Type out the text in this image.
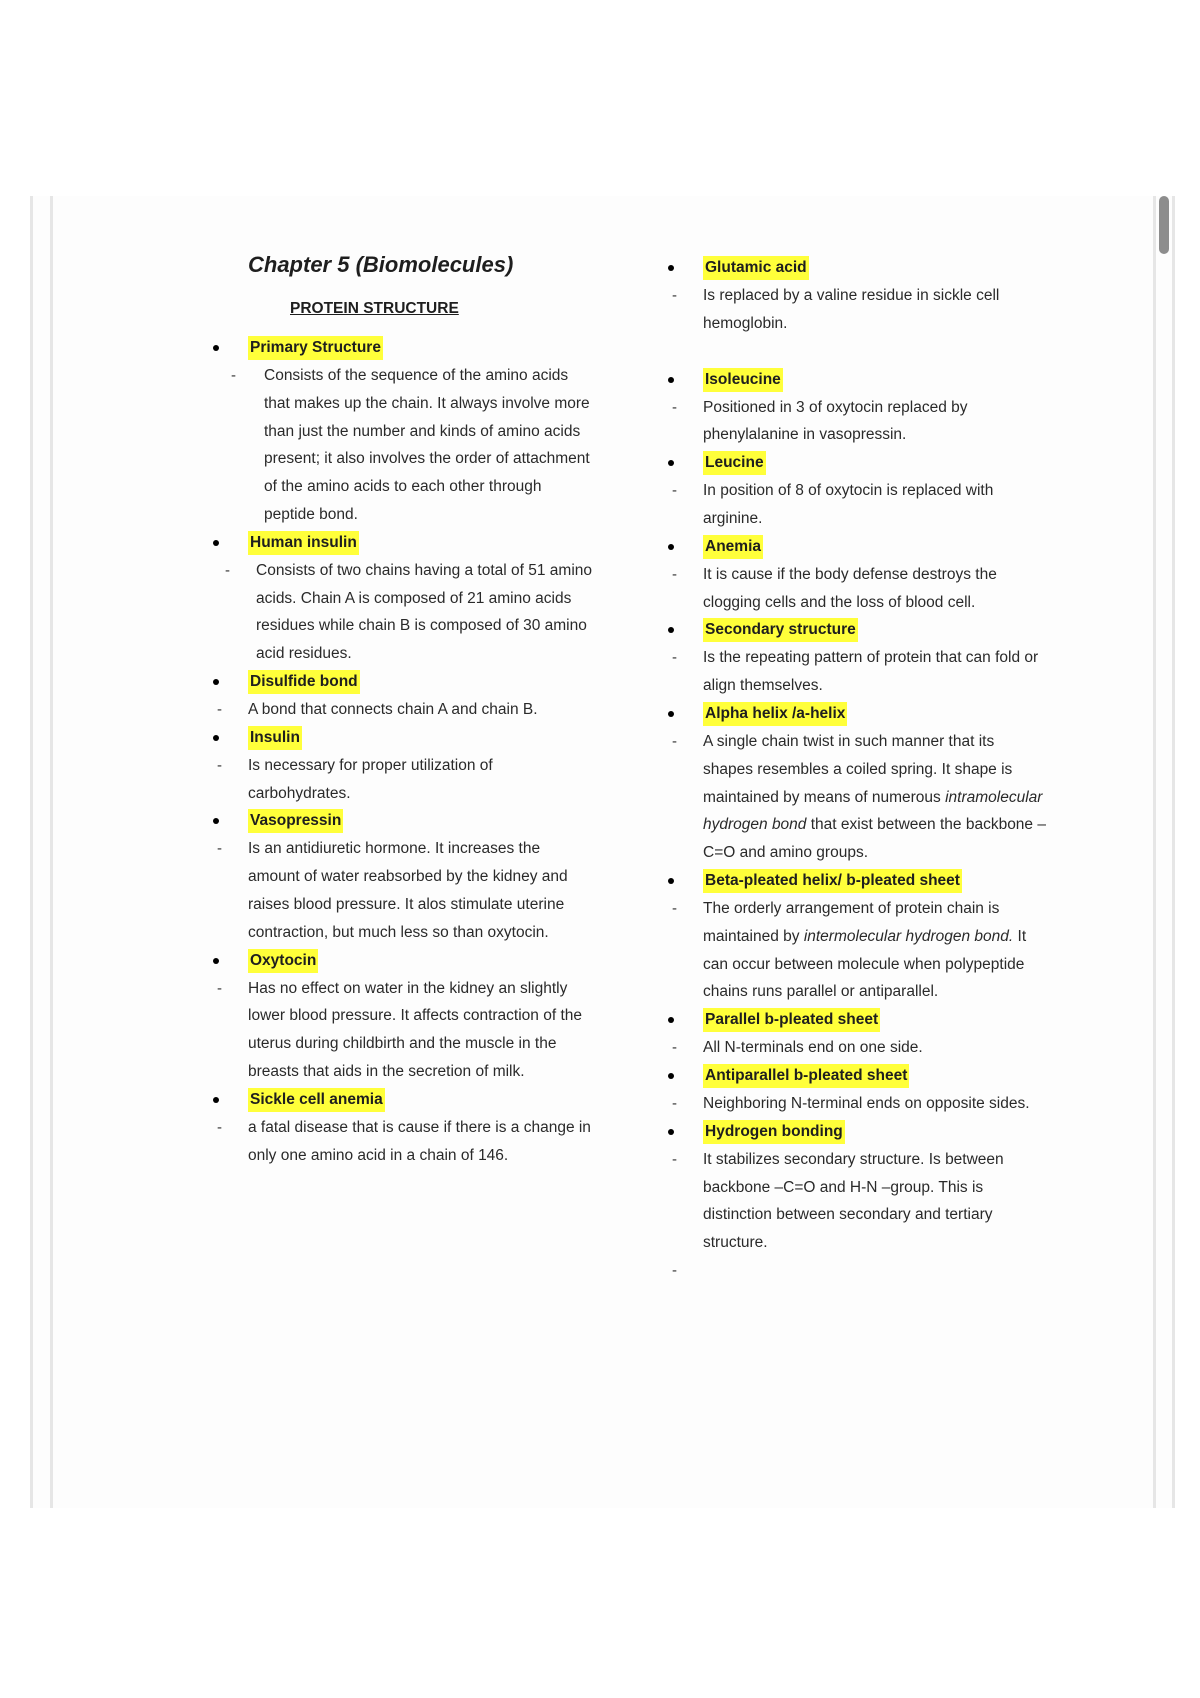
Chapter 5 (Biomolecules)
PROTEIN STRUCTURE
Primary Structure
-	Consists of the sequence of the amino acids that makes up the chain. It always involve more than just the number and kinds of amino acids present; it also involves the order of attachment of the amino acids to each other through peptide bond.
Human insulin
-	Consists of two chains having a total of 51 amino acids. Chain A is composed of 21 amino acids residues while chain B is composed of 30 amino acid residues.
Disulfide bond
-	A bond that connects chain A and chain B.
Insulin
-	Is necessary for proper utilization of carbohydrates.
Vasopressin
-	Is an antidiuretic hormone. It increases the amount of water reabsorbed by the kidney and raises blood pressure. It alos stimulate uterine contraction, but much less so than oxytocin.
Oxytocin
-	Has no effect on water in the kidney an slightly lower blood pressure. It affects contraction of the uterus during childbirth and the muscle in the breasts that aids in the secretion of milk.
Sickle cell anemia
-	a fatal disease that is cause if there is a change in only one amino acid in a chain of 146.
Glutamic acid
-	Is replaced by a valine residue in sickle cell hemoglobin.
Isoleucine
-	Positioned in 3 of oxytocin replaced by phenylalanine in vasopressin.
Leucine
-	In position of 8 of oxytocin is replaced with arginine.
Anemia
-	It is cause if the body defense destroys the clogging cells and the loss of blood cell.
Secondary structure
-	Is the repeating pattern of protein that can fold or align themselves.
Alpha helix /a-helix
-	A single chain twist in such manner that its shapes resembles a coiled spring. It shape is maintained by means of numerous intramolecular hydrogen bond that exist between the backbone –C=O and amino groups.
Beta-pleated helix/ b-pleated sheet
-	The orderly arrangement of protein chain is maintained by intermolecular hydrogen bond. It can occur between molecule when polypeptide chains runs parallel or antiparallel.
Parallel b-pleated sheet
-	All N-terminals end on one side.
Antiparallel b-pleated sheet
-	Neighboring N-terminal ends on opposite sides.
Hydrogen bonding
-	It stabilizes secondary structure. Is between backbone –C=O and H-N –group. This is distinction between secondary and tertiary structure.
-
